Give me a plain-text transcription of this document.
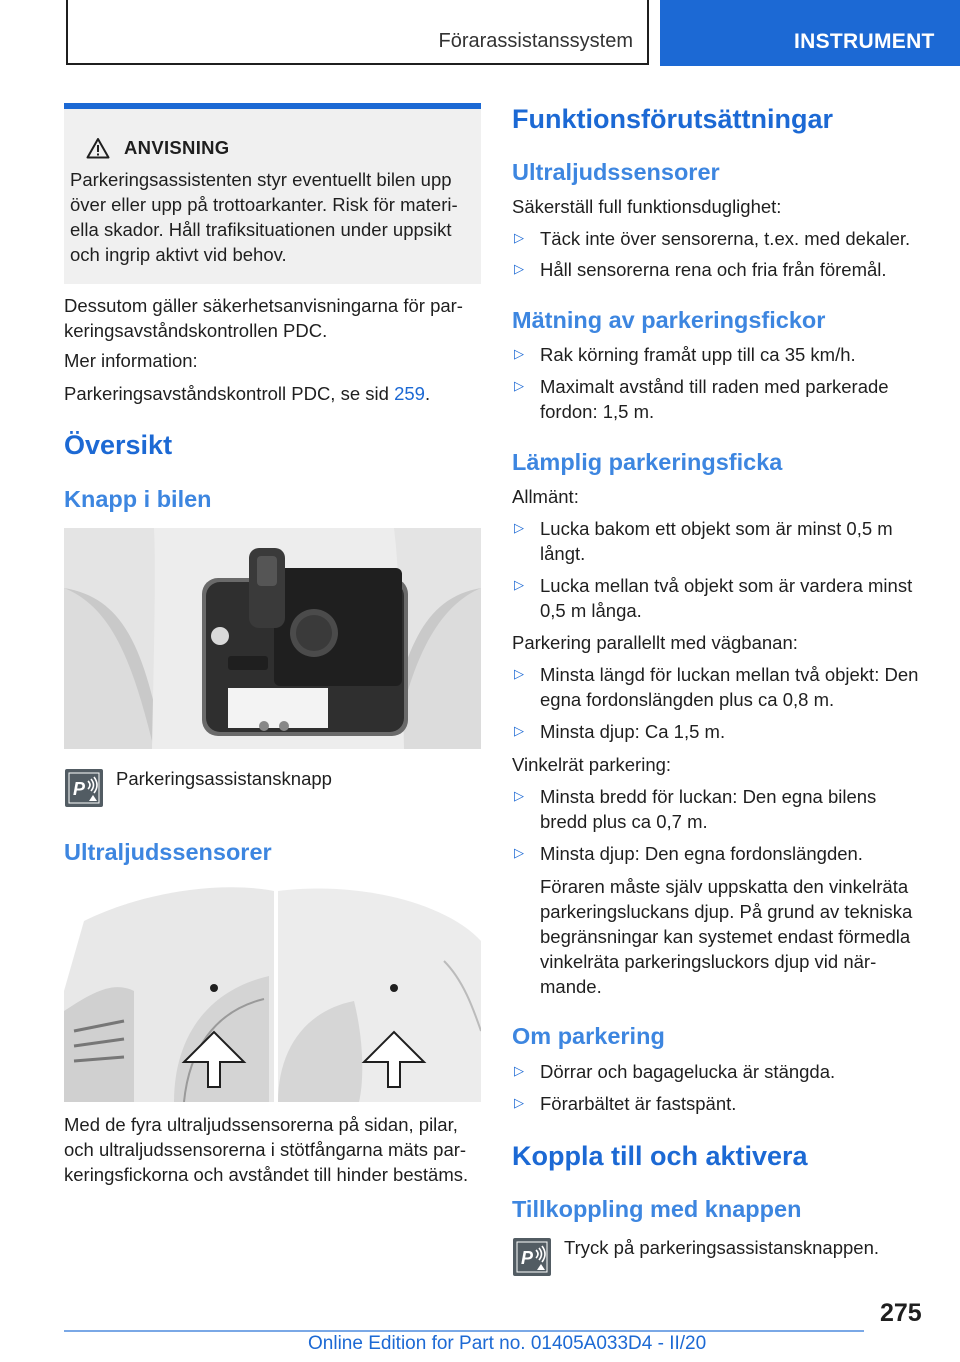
Förarassistanssystem	INSTRUMENT
ANVISNING
Parkeringsassistenten styr eventuellt bilen upp över eller upp på trottoarkanter. Risk för materi-ella skador. Håll trafiksituationen under uppsikt och ingrip aktivt vid behov.
Dessutom gäller säkerhetsanvisningarna för par-keringsavståndskontrollen PDC.
Mer information:
Parkeringsavståndskontroll PDC, se sid 259.
Översikt
Knapp i bilen
P Parkeringsassistansknapp
Ultraljudssensorer
Med de fyra ultraljudssensorerna på sidan, pilar, och ultraljudssensorerna i stötfångarna mäts par-keringsfickorna och avståndet till hinder bestäms.
Funktionsförutsättningar
Ultraljudssensorer
Säkerställ full funktionsduglighet:
▷ Täck inte över sensorerna, t.ex. med dekaler.
▷ Håll sensorerna rena och fria från föremål.
Mätning av parkeringsfickor
▷ Rak körning framåt upp till ca 35 km/h.
▷ Maximalt avstånd till raden med parkerade fordon: 1,5 m.
Lämplig parkeringsficka
Allmänt:
▷ Lucka bakom ett objekt som är minst 0,5 m långt.
▷ Lucka mellan två objekt som är vardera minst 0,5 m långa.
Parkering parallellt med vägbanan:
▷ Minsta längd för luckan mellan två objekt: Den egna fordonslängden plus ca 0,8 m.
▷ Minsta djup: Ca 1,5 m.
Vinkelrät parkering:
▷ Minsta bredd för luckan: Den egna bilens bredd plus ca 0,7 m.
▷ Minsta djup: Den egna fordonslängden.
Föraren måste själv uppskatta den vinkelräta parkeringsluckans djup. På grund av tekniska begränsningar kan systemet endast förmedla vinkelräta parkeringsluckors djup vid när-mande.
Om parkering
▷ Dörrar och bagagelucka är stängda.
▷ Förarbältet är fastspänt.
Koppla till och aktivera
Tillkoppling med knappen
P Tryck på parkeringsassistansknappen.
275
Online Edition for Part no. 01405A033D4 - II/20
